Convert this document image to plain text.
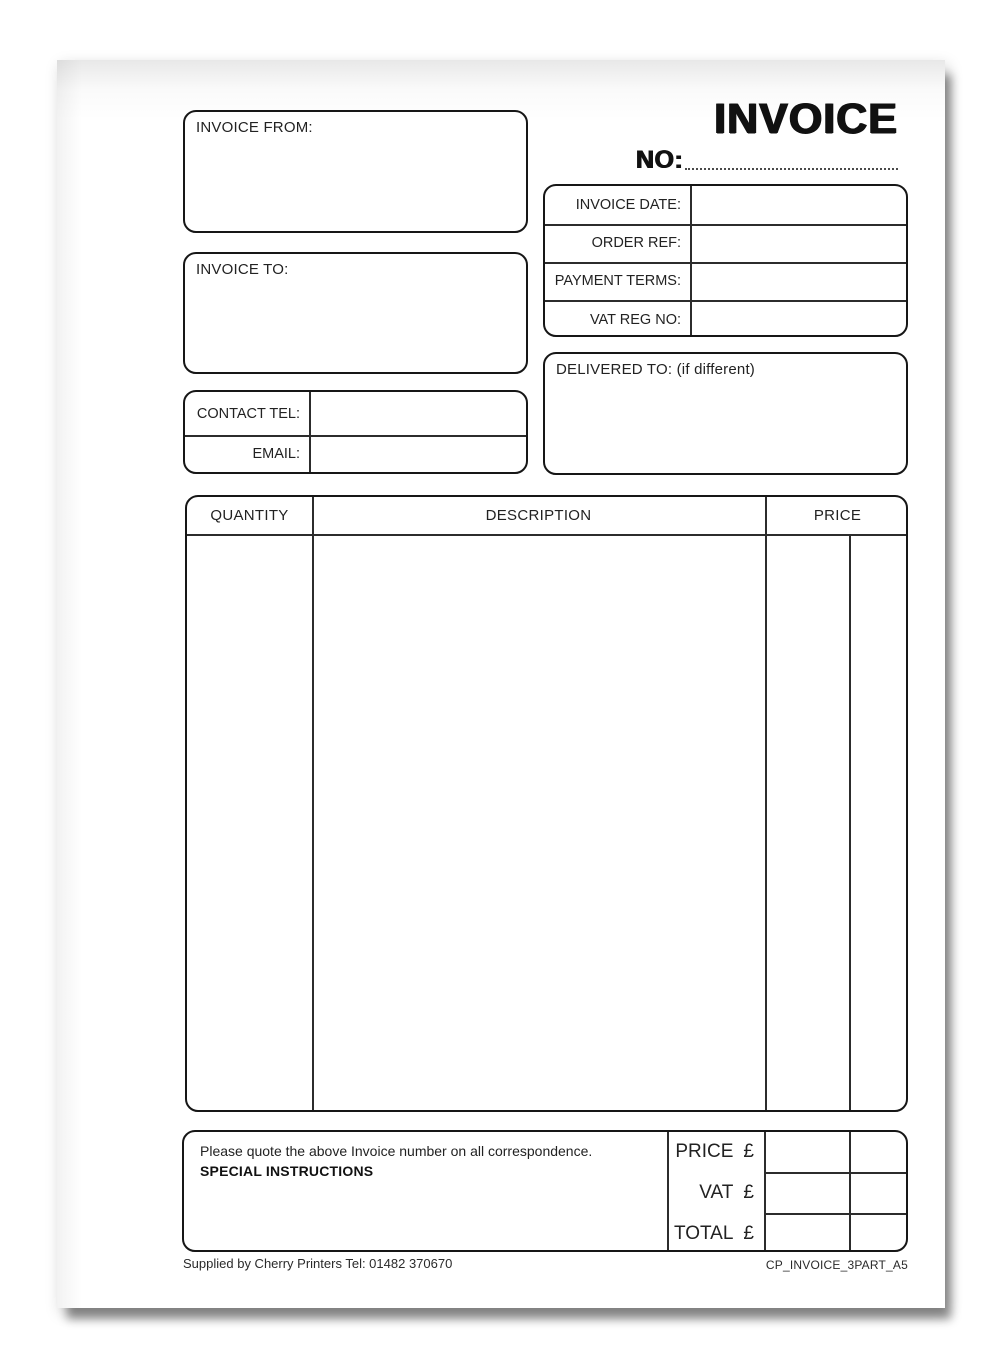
INVOICE
NO:
INVOICE FROM:
INVOICE TO:
INVOICE DATE:
ORDER REF:
PAYMENT TERMS:
VAT REG NO:
DELIVERED TO: (if different)
CONTACT TEL:
EMAIL:
QUANTITY	DESCRIPTION	PRICE
Please quote the above Invoice number on all correspondence.
SPECIAL INSTRUCTIONS
PRICE £
VAT £
TOTAL £
Supplied by Cherry Printers Tel: 01482 370670	CP_INVOICE_3PART_A5
